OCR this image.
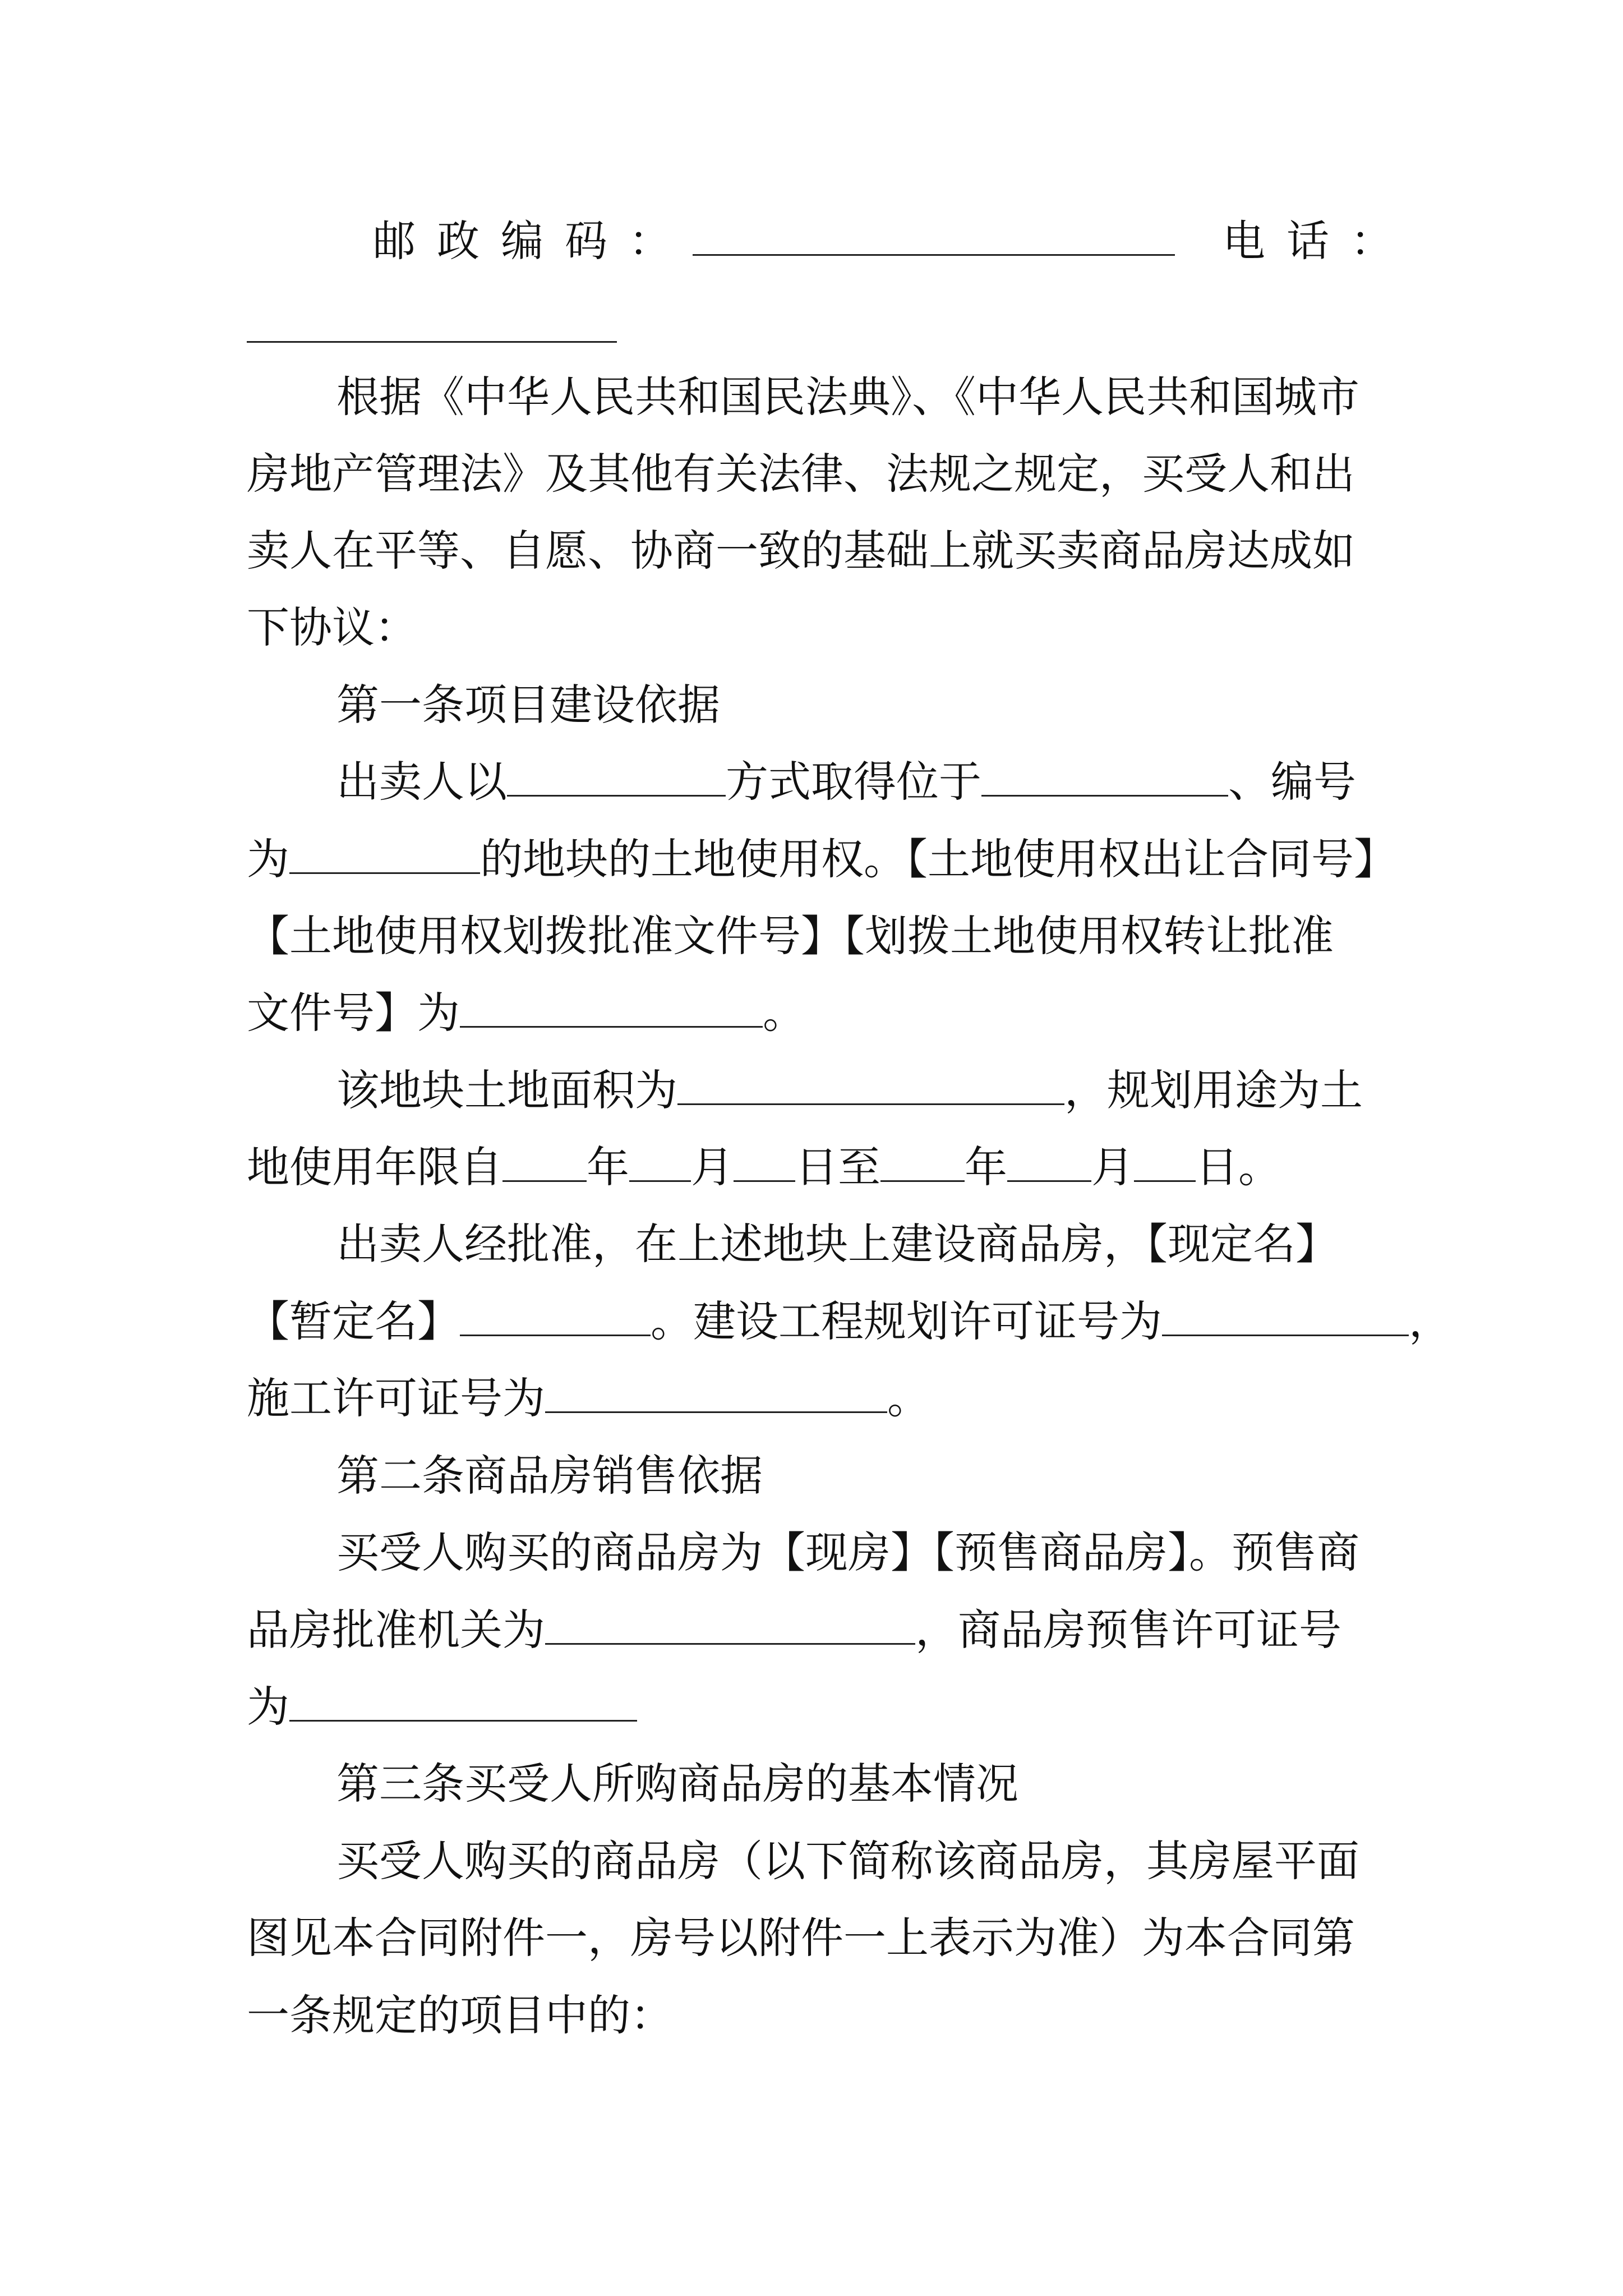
邮政编码：	电话：

根据《中华人民共和国民法典》、《中华人民共和国城市

房地产管理法》及其他有关法律、法规之规定，买受人和出

卖人在平等、自愿、协商一致的基础上就买卖商品房达成如

下协议：

第一条项目建设依据

出卖人以	方式取得位于	、编号

为	的地块的土地使用权。【土地使用权出让合同号】

【土地使用权划拨批准文件号】【划拨土地使用权转让批准

文件号】为	。

该地块土地面积为	，规划用途为土

地使用年限自 年 月 日至 年 月 日。

出卖人经批准，在上述地块上建设商品房，【现定名】

【暂定名】	。建设工程规划许可证号为	，

施工许可证号为	。

第二条商品房销售依据

买受人购买的商品房为【现房】【预售商品房】。预售商

品房批准机关为	，商品房预售许可证号

为

第三条买受人所购商品房的基本情况

买受人购买的商品房（以下简称该商品房，其房屋平面

图见本合同附件一，房号以附件一上表示为准）为本合同第

一条规定的项目中的：
